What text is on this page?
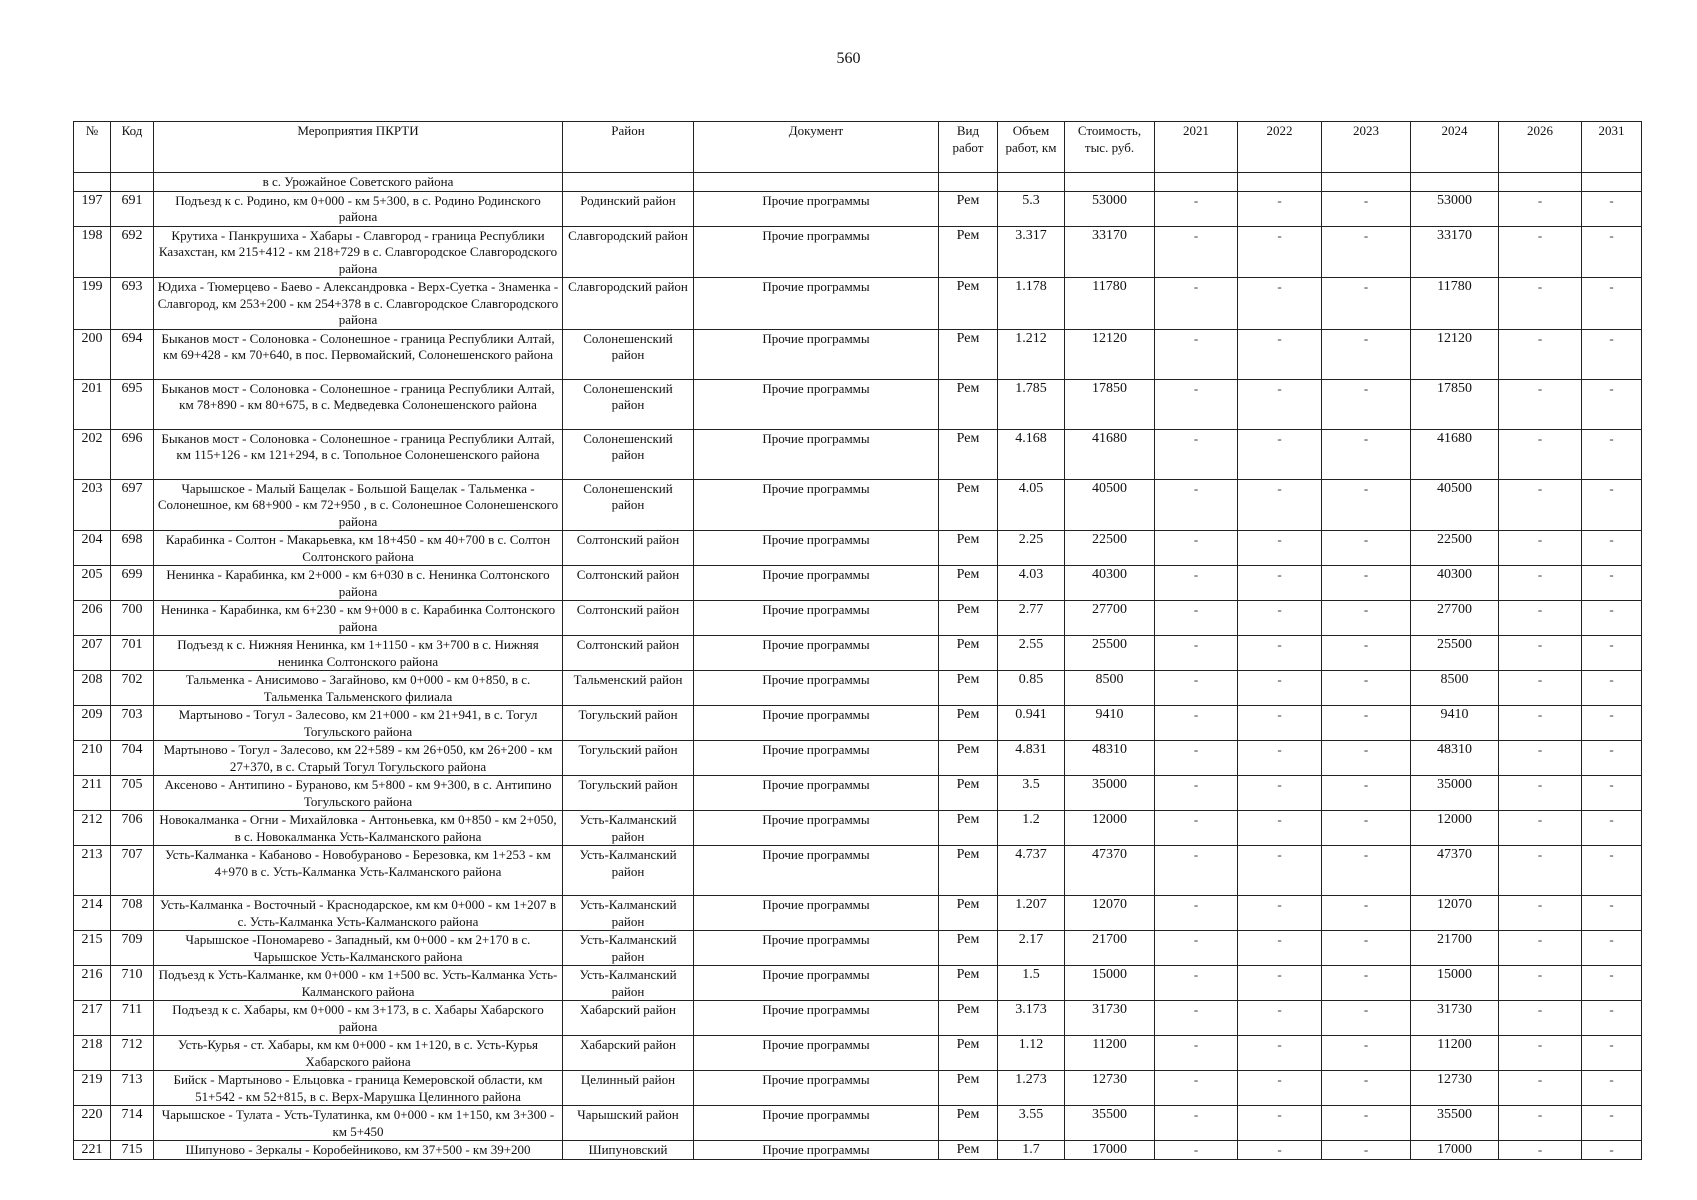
560
№	Код	Мероприятия ПКРТИ	Район	Документ	Вид работ	Объем работ, км	Стоимость, тыс. руб.	2021	2022	2023	2024	2026	2031
		в с. Урожайное Советского района											
197	691	Подъезд к с. Родино, км 0+000 - км 5+300, в с. Родино Родинского района	Родинский район	Прочие программы	Рем	5.3	53000	-	-	-	53000	-	-
198	692	Крутиха - Панкрушиха - Хабары - Славгород - граница Республики Казахстан, км 215+412 - км 218+729 в с. Славгородское Славгородского района	Славгородский район	Прочие программы	Рем	3.317	33170	-	-	-	33170	-	-
199	693	Юдиха - Тюмерцево - Баево - Александровка - Верх-Суетка - Знаменка - Славгород, км 253+200 - км 254+378 в с. Славгородское Славгородского района	Славгородский район	Прочие программы	Рем	1.178	11780	-	-	-	11780	-	-
200	694	Быканов мост - Солоновка - Солонешное - граница Республики Алтай, км 69+428 - км 70+640, в пос. Первомайский, Солонешенского района	Солонешенский район	Прочие программы	Рем	1.212	12120	-	-	-	12120	-	-
201	695	Быканов мост - Солоновка - Солонешное - граница Республики Алтай, км 78+890 - км 80+675, в с. Медведевка Солонешенского района	Солонешенский район	Прочие программы	Рем	1.785	17850	-	-	-	17850	-	-
202	696	Быканов мост - Солоновка - Солонешное - граница Республики Алтай, км 115+126 - км 121+294, в с. Топольное Солонешенского района	Солонешенский район	Прочие программы	Рем	4.168	41680	-	-	-	41680	-	-
203	697	Чарышское - Малый Бащелак - Большой Бащелак - Тальменка - Солонешное, км 68+900 - км 72+950 , в с. Солонешное Солонешенского района	Солонешенский район	Прочие программы	Рем	4.05	40500	-	-	-	40500	-	-
204	698	Карабинка - Солтон - Макарьевка, км 18+450 - км 40+700 в с. Солтон Солтонского района	Солтонский район	Прочие программы	Рем	2.25	22500	-	-	-	22500	-	-
205	699	Ненинка - Карабинка, км 2+000 - км 6+030 в с. Ненинка Солтонского района	Солтонский район	Прочие программы	Рем	4.03	40300	-	-	-	40300	-	-
206	700	Ненинка - Карабинка, км 6+230 - км 9+000 в с. Карабинка Солтонского района	Солтонский район	Прочие программы	Рем	2.77	27700	-	-	-	27700	-	-
207	701	Подъезд к с. Нижняя Ненинка, км 1+1150 - км 3+700 в с. Нижняя ненинка Солтонского района	Солтонский район	Прочие программы	Рем	2.55	25500	-	-	-	25500	-	-
208	702	Тальменка - Анисимово - Загайново, км 0+000 - км 0+850, в с. Тальменка Тальменского филиала	Тальменский район	Прочие программы	Рем	0.85	8500	-	-	-	8500	-	-
209	703	Мартыново - Тогул - Залесово, км 21+000 - км 21+941, в с. Тогул Тогульского района	Тогульский район	Прочие программы	Рем	0.941	9410	-	-	-	9410	-	-
210	704	Мартыново - Тогул - Залесово, км 22+589 - км 26+050, км 26+200 - км 27+370, в с. Старый Тогул Тогульского района	Тогульский район	Прочие программы	Рем	4.831	48310	-	-	-	48310	-	-
211	705	Аксеново - Антипино - Бураново, км 5+800 - км 9+300, в с. Антипино Тогульского района	Тогульский район	Прочие программы	Рем	3.5	35000	-	-	-	35000	-	-
212	706	Новокалманка - Огни - Михайловка - Антоньевка, км 0+850 - км 2+050, в с. Новокалманка Усть-Калманского района	Усть-Калманский район	Прочие программы	Рем	1.2	12000	-	-	-	12000	-	-
213	707	Усть-Калманка - Кабаново - Новобураново - Березовка, км 1+253 - км 4+970 в с. Усть-Калманка Усть-Калманского района	Усть-Калманский район	Прочие программы	Рем	4.737	47370	-	-	-	47370	-	-
214	708	Усть-Калманка - Восточный - Краснодарское, км км 0+000 - км 1+207 в с. Усть-Калманка Усть-Калманского района	Усть-Калманский район	Прочие программы	Рем	1.207	12070	-	-	-	12070	-	-
215	709	Чарышское -Пономарево - Западный, км 0+000 - км 2+170 в с. Чарышское Усть-Калманского района	Усть-Калманский район	Прочие программы	Рем	2.17	21700	-	-	-	21700	-	-
216	710	Подъезд к Усть-Калманке, км 0+000 - км 1+500 вс. Усть-Калманка Усть-Калманского района	Усть-Калманский район	Прочие программы	Рем	1.5	15000	-	-	-	15000	-	-
217	711	Подъезд к с. Хабары, км 0+000 - км 3+173, в с. Хабары Хабарского района	Хабарский район	Прочие программы	Рем	3.173	31730	-	-	-	31730	-	-
218	712	Усть-Курья - ст. Хабары, км км 0+000 - км 1+120, в с. Усть-Курья Хабарского района	Хабарский район	Прочие программы	Рем	1.12	11200	-	-	-	11200	-	-
219	713	Бийск - Мартыново - Ельцовка - граница Кемеровской области, км 51+542 - км 52+815, в с. Верх-Марушка Целинного района	Целинный район	Прочие программы	Рем	1.273	12730	-	-	-	12730	-	-
220	714	Чарышское - Тулата - Усть-Тулатинка, км 0+000 - км 1+150, км 3+300 - км 5+450	Чарышский район	Прочие программы	Рем	3.55	35500	-	-	-	35500	-	-
221	715	Шипуново - Зеркалы - Коробейниково, км 37+500 - км 39+200	Шипуновский	Прочие программы	Рем	1.7	17000	-	-	-	17000	-	-
